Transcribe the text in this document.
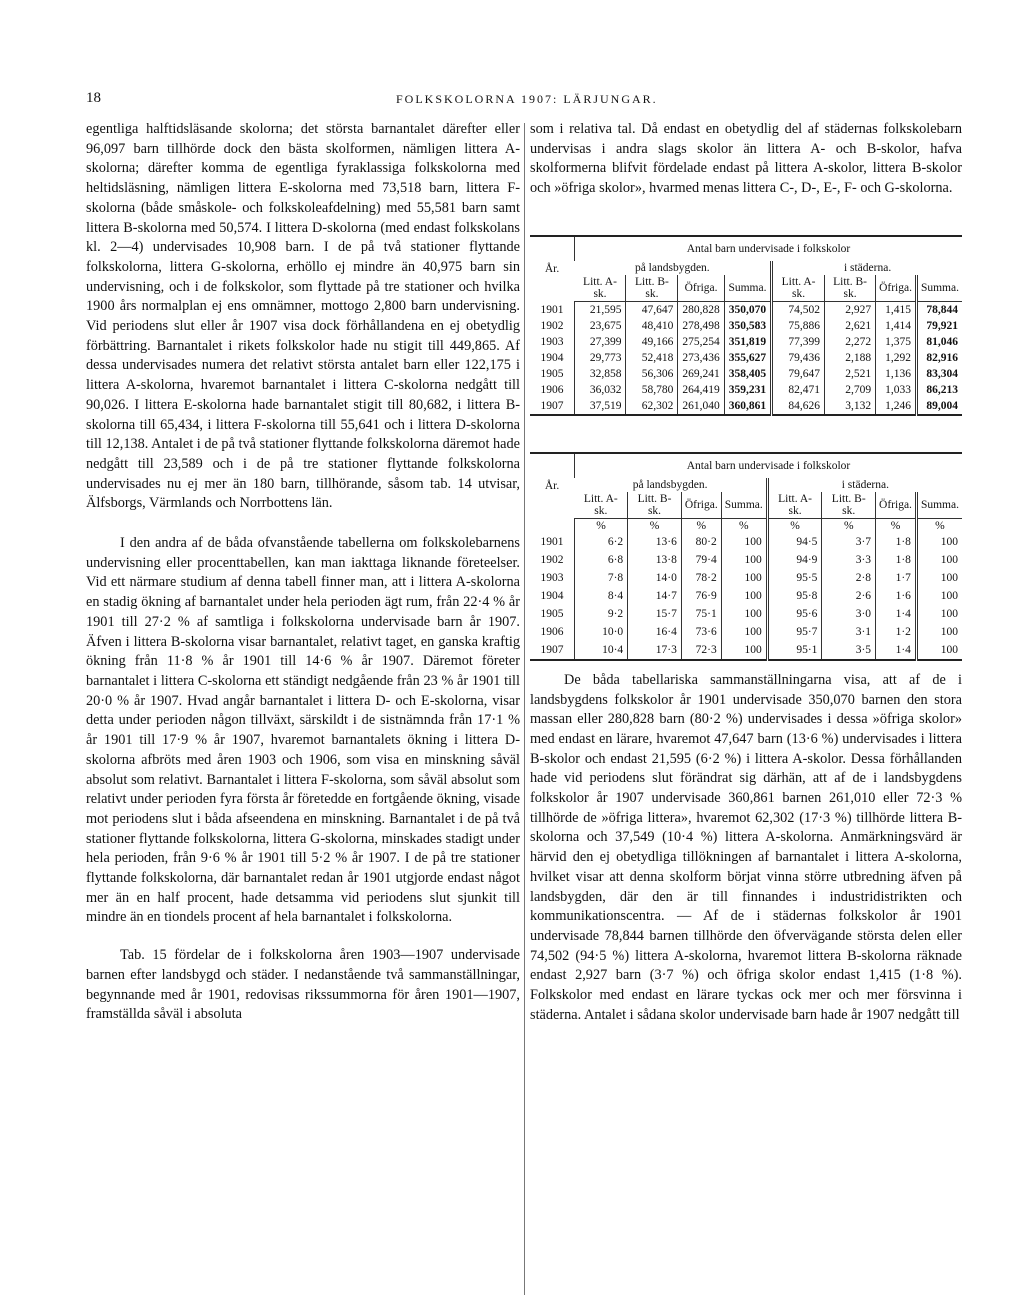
18	FOLKSKOLORNA 1907: LÄRJUNGAR.

egentliga halftidsläsande skolorna; det största barnantalet därefter eller 96,097 barn tillhörde dock den bästa skolformen, nämligen littera A-skolorna; därefter komma de egentliga fyraklassiga folkskolorna med heltidsläsning, nämligen littera E-skolorna med 73,518 barn, littera F-skolorna (både småskole- och folkskoleafdelning) med 55,581 barn samt littera B-skolorna med 50,574. I littera D-skolorna (med endast folkskolans kl. 2—4) undervisades 10,908 barn. I de på två stationer flyttande folkskolorna, littera G-skolorna, erhöllo ej mindre än 40,975 barn sin undervisning, och i de folkskolor, som flyttade på tre stationer och hvilka 1900 års normalplan ej ens omnämner, mottogo 2,800 barn undervisning. Vid periodens slut eller år 1907 visa dock förhållandena en ej obetydlig förbättring. Barnantalet i rikets folkskolor hade nu stigit till 449,865. Af dessa undervisades numera det relativt största antalet barn eller 122,175 i littera A-skolorna, hvaremot barnantalet i littera C-skolorna nedgått till 90,026. I littera E-skolorna hade barnantalet stigit till 80,682, i littera B-skolorna till 65,434, i littera F-skolorna till 55,641 och i littera D-skolorna till 12,138. Antalet i de på två stationer flyttande folkskolorna däremot hade nedgått till 23,589 och i de på tre stationer flyttande folkskolorna undervisades nu ej mer än 180 barn, tillhörande, såsom tab. 14 utvisar, Älfsborgs, Värmlands och Norrbottens län.

I den andra af de båda ofvanstående tabellerna om folkskolebarnens undervisning eller procenttabellen, kan man iakttaga liknande företeelser. Vid ett närmare studium af denna tabell finner man, att i littera A-skolorna en stadig ökning af barnantalet under hela perioden ägt rum, från 22·4 % år 1901 till 27·2 % af samtliga i folkskolorna undervisade barn år 1907. Äfven i littera B-skolorna visar barnantalet, relativt taget, en ganska kraftig ökning från 11·8 % år 1901 till 14·6 % år 1907. Däremot företer barnantalet i littera C-skolorna ett ständigt nedgående från 23 % år 1901 till 20·0 % år 1907. Hvad angår barnantalet i littera D- och E-skolorna, visar detta under perioden någon tillväxt, särskildt i de sistnämnda från 17·1 % år 1901 till 17·9 % år 1907, hvaremot barnantalets ökning i littera D-skolorna afbröts med åren 1903 och 1906, som visa en minskning såväl absolut som relativt. Barnantalet i littera F-skolorna, som såväl absolut som relativt under perioden fyra första år företedde en fortgående ökning, visade mot periodens slut i båda afseendena en minskning. Barnantalet i de på två stationer flyttande folkskolorna, littera G-skolorna, minskades stadigt under hela perioden, från 9·6 % år 1901 till 5·2 % år 1907. I de på tre stationer flyttande folkskolorna, där barnantalet redan år 1901 utgjorde endast något mer än en half procent, hade detsamma vid periodens slut sjunkit till mindre än en tiondels procent af hela barnantalet i folkskolorna.

Tab. 15 fördelar de i folkskolorna åren 1903—1907 undervisade barnen efter landsbygd och städer. I nedanstående två sammanställningar, begynnande med år 1901, redovisas rikssummorna för åren 1901—1907, framställda såväl i absoluta

som i relativa tal. Då endast en obetydlig del af städernas folkskolebarn undervisas i andra slags skolor än littera A- och B-skolor, hafva skolformerna blifvit fördelade endast på littera A-skolor, littera B-skolor och »öfriga skolor», hvarmed menas littera C-, D-, E-, F- och G-skolorna.

År.	Antal barn undervisade i folkskolor							
	på landsbygden.				i städerna.			
	Litt. A-sk.	Litt. B-sk.	Öfriga.	Summa.	Litt. A-sk.	Litt. B-sk.	Öfriga.	Summa.
1901	21,595	47,647	280,828	350,070	74,502	2,927	1,415	78,844
1902	23,675	48,410	278,498	350,583	75,886	2,621	1,414	79,921
1903	27,399	49,166	275,254	351,819	77,399	2,272	1,375	81,046
1904	29,773	52,418	273,436	355,627	79,436	2,188	1,292	82,916
1905	32,858	56,306	269,241	358,405	79,647	2,521	1,136	83,304
1906	36,032	58,780	264,419	359,231	82,471	2,709	1,033	86,213
1907	37,519	62,302	261,040	360,861	84,626	3,132	1,246	89,004
År.	Antal barn undervisade i folkskolor							
	på landsbygden.				i städerna.			
	Litt. A-sk.	Litt. B-sk.	Öfriga.	Summa.	Litt. A-sk.	Litt. B-sk.	Öfriga.	Summa.
	%	%	%	%	%	%	%	%
1901	6·2	13·6	80·2	100	94·5	3·7	1·8	100
1902	6·8	13·8	79·4	100	94·9	3·3	1·8	100
1903	7·8	14·0	78·2	100	95·5	2·8	1·7	100
1904	8·4	14·7	76·9	100	95·8	2·6	1·6	100
1905	9·2	15·7	75·1	100	95·6	3·0	1·4	100
1906	10·0	16·4	73·6	100	95·7	3·1	1·2	100
1907	10·4	17·3	72·3	100	95·1	3·5	1·4	100

De båda tabellariska sammanställningarna visa, att af de i landsbygdens folkskolor år 1901 undervisade 350,070 barnen den stora massan eller 280,828 barn (80·2 %) undervisades i dessa »öfriga skolor» med endast en lärare, hvaremot 47,647 barn (13·6 %) undervisades i littera B-skolor och endast 21,595 (6·2 %) i littera A-skolor. Dessa förhållanden hade vid periodens slut förändrat sig därhän, att af de i landsbygdens folkskolor år 1907 undervisade 360,861 barnen 261,010 eller 72·3 % tillhörde de »öfriga littera», hvaremot 62,302 (17·3 %) tillhörde littera B-skolorna och 37,549 (10·4 %) littera A-skolorna. Anmärkningsvärd är härvid den ej obetydliga tillökningen af barnantalet i littera A-skolorna, hvilket visar att denna skolform börjat vinna större utbredning äfven på landsbygden, där den är till finnandes i industridistrikten och kommunikationscentra. — Af de i städernas folkskolor år 1901 undervisade 78,844 barnen tillhörde den öfvervägande största delen eller 74,502 (94·5 %) littera A-skolorna, hvaremot littera B-skolorna räknade endast 2,927 barn (3·7 %) och öfriga skolor endast 1,415 (1·8 %). Folkskolor med endast en lärare tyckas ock mer och mer försvinna i städerna. Antalet i sådana skolor undervisade barn hade år 1907 nedgått till
